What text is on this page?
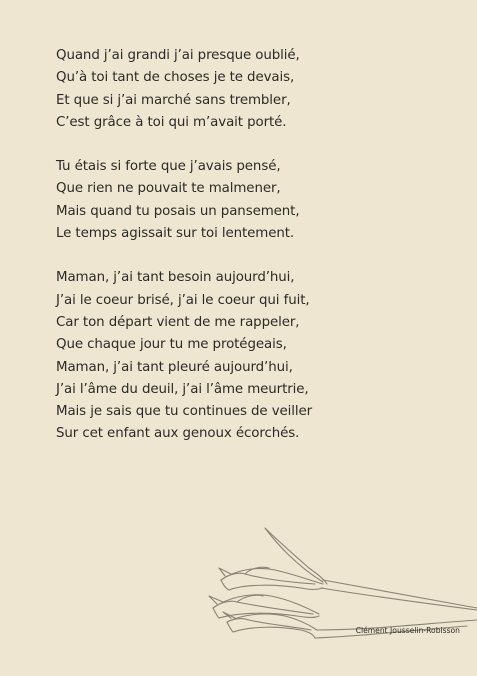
Quand j’ai grandi j’ai presque oublié,
Qu’à toi tant de choses je te devais,
Et que si j’ai marché sans trembler,
C’est grâce à toi qui m’avait porté.
Tu étais si forte que j’avais pensé,
Que rien ne pouvait te malmener,
Mais quand tu posais un pansement,
Le temps agissait sur toi lentement.
Maman, j’ai tant besoin aujourd’hui,
J’ai le coeur brisé, j’ai le coeur qui fuit,
Car ton départ vient de me rappeler,
Que chaque jour tu me protégeais,
Maman, j’ai tant pleuré aujourd’hui,
J’ai l’âme du deuil, j’ai l’âme meurtrie,
Mais je sais que tu continues de veiller
Sur cet enfant aux genoux écorchés.
Clément Jousselin-Robisson
